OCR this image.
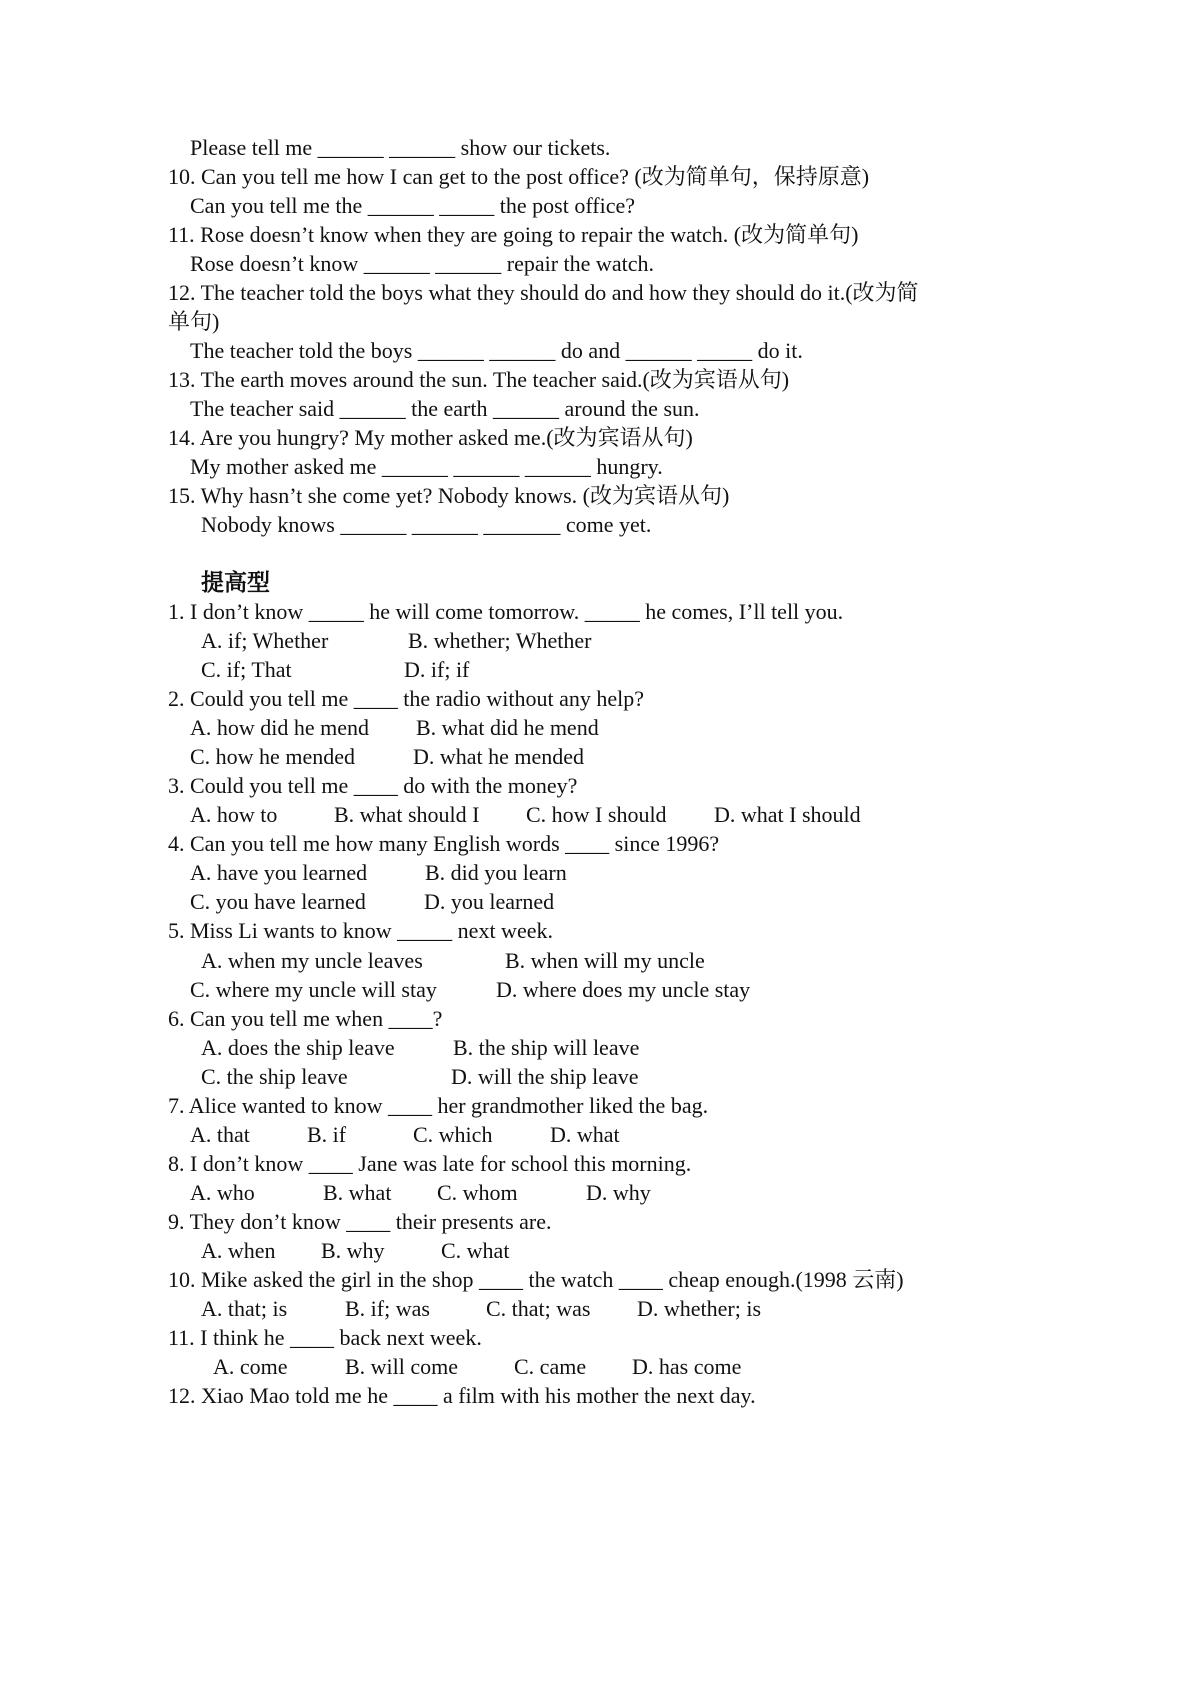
Please tell me ______ ______ show our tickets.
10. Can you tell me how I can get to the post office? (改为简单句，保持原意)
Can you tell me the ______ _____ the post office?
11. Rose doesn’t know when they are going to repair the watch. (改为简单句)
Rose doesn’t know ______ ______ repair the watch.
12. The teacher told the boys what they should do and how they should do it.(改为简
单句)
The teacher told the boys ______ ______ do and ______ _____ do it.
13. The earth moves around the sun. The teacher said.(改为宾语从句)
The teacher said ______ the earth ______ around the sun.
14. Are you hungry? My mother asked me.(改为宾语从句)
My mother asked me ______ ______ ______ hungry.
15. Why hasn’t she come yet? Nobody knows. (改为宾语从句)
Nobody knows ______ ______ _______ come yet.
提高型
1. I don’t know _____ he will come tomorrow. _____ he comes, I’ll tell you.
A. if; Whether	B. whether; Whether
C. if; That	D. if; if
2. Could you tell me ____ the radio without any help?
A. how did he mend B. what did he mend
C. how he mended	D. what he mended
3. Could you tell me ____ do with the money?
A. how to	B. what should I C. how I should D. what I should
4. Can you tell me how many English words ____ since 1996?
A. have you learned	B. did you learn
C. you have learned	D. you learned
5. Miss Li wants to know _____ next week.
A. when my uncle leaves	B. when will my uncle
C. where my uncle will stay	D. where does my uncle stay
6. Can you tell me when ____?
A. does the ship leave	B. the ship will leave
C. the ship leave	D. will the ship leave
7. Alice wanted to know ____ her grandmother liked the bag.
A. that	B. if	C. which	D. what
8. I don’t know ____ Jane was late for school this morning.
A. who	B. what C. whom	D. why
9. They don’t know ____ their presents are.
A. when B. why	C. what
10. Mike asked the girl in the shop ____ the watch ____ cheap enough.(1998 云南)
A. that; is	B. if; was	C. that; was D. whether; is
11. I think he ____ back next week.
A. come	B. will come	C. came D. has come
12. Xiao Mao told me he ____ a film with his mother the next day.
